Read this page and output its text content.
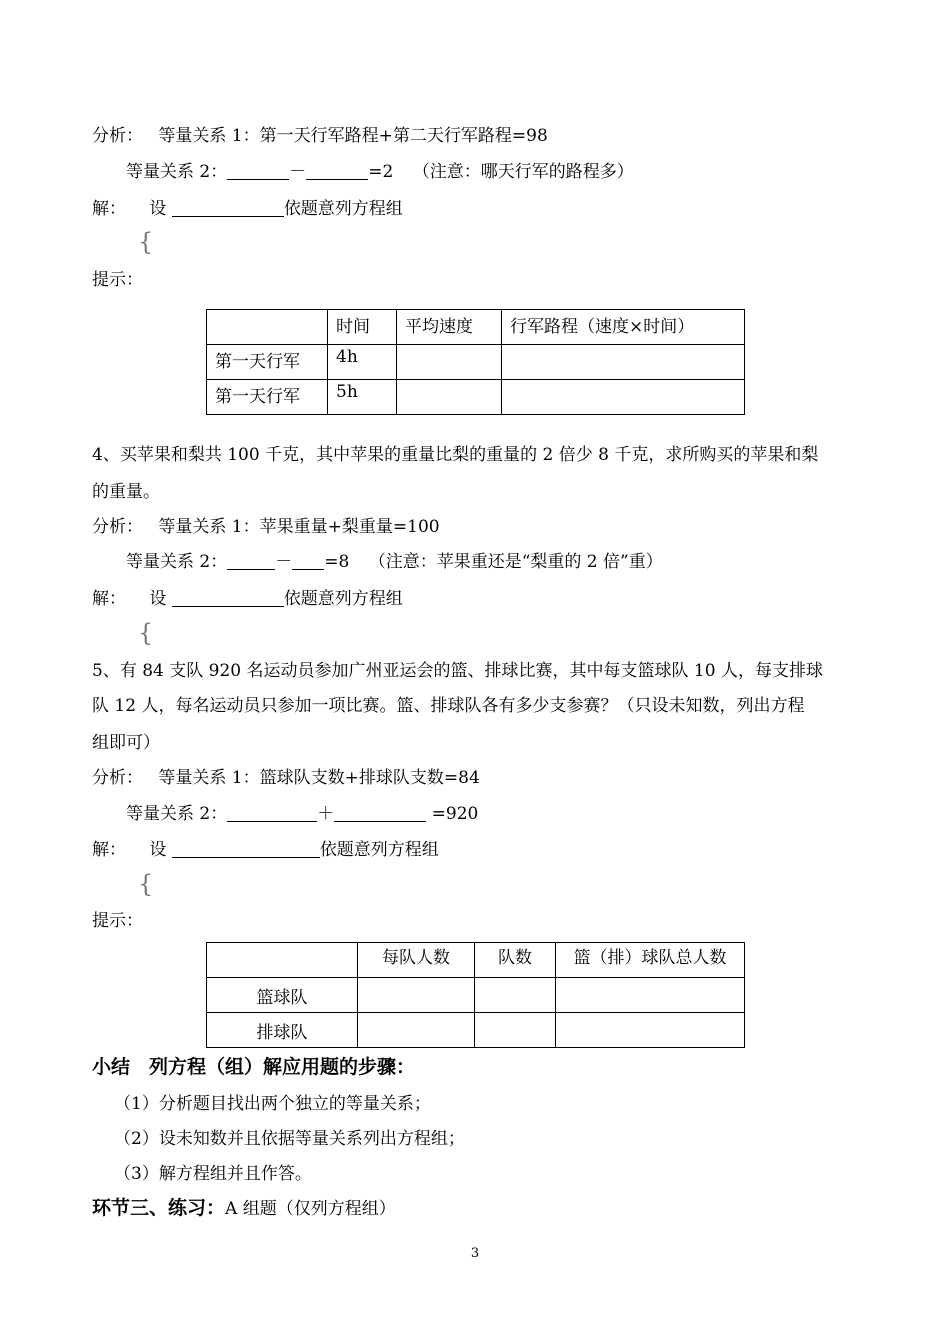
分析： 等量关系 1：第一天行军路程+第二天行军路程=98
等量关系 2：	－	=2 （注意：哪天行军的路程多）
解： 设	依题意列方程组
{
提示：
	时间	平均速度	行军路程（速度×时间）
第一天行军	4h		
第一天行军	5h		
4、买苹果和梨共 100 千克，其中苹果的重量比梨的重量的 2 倍少 8 千克，求所购买的苹果和梨
的重量。
分析： 等量关系 1：苹果重量+梨重量=100
等量关系 2：	－ =8 （注意：苹果重还是“梨重的 2 倍”重）
解： 设	依题意列方程组
{
5、有 84 支队 920 名运动员参加广州亚运会的篮、排球比赛，其中每支篮球队 10 人，每支排球
队 12 人，每名运动员只参加一项比赛。篮、排球队各有多少支参赛？（只设未知数，列出方程
组即可）
分析： 等量关系 1：篮球队支数+排球队支数=84
等量关系 2：	＋	=920
解： 设	依题意列方程组
{
提示：
	每队人数	队数	篮（排）球队总人数
篮球队			
排球队			
小结　列方程（组）解应用题的步骤：
（1）分析题目找出两个独立的等量关系；
（2）设未知数并且依据等量关系列出方程组；
（3）解方程组并且作答。
环节三、练习：A 组题（仅列方程组）
3
